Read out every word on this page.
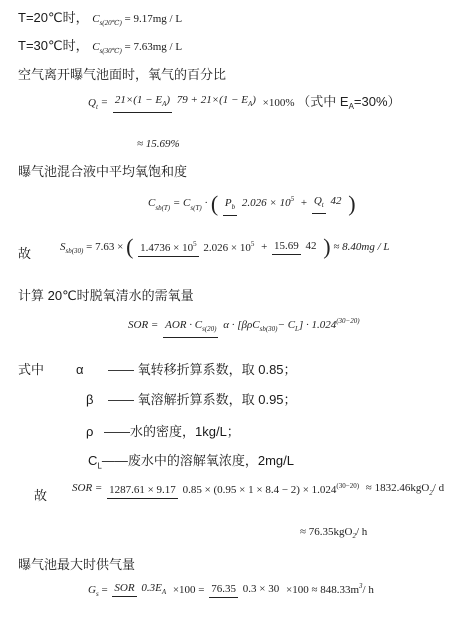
T=20℃时， $C_{s(20℃)} = 9.17mg / L$
T=30℃时， $C_{s(30℃)} = 7.63mg / L$
空气离开曝气池面时，氧气的百分比
Qt = 21×(1 − EA) 79 + 21×(1 − EA) ×100% （式中 EA=30%）
≈ 15.69%
曝气池混合液中平均氧饱和度
Csb(T) = Cs(T) · ( Pb 2.026 × 105 + Qt 42 )
故	Ssb(30) = 7.63 × ( 1.4736 × 105 2.026 × 105 + 15.69 42 ) ≈ 8.40mg / L
计算 20℃时脱氧清水的需氧量
SOR = AOR · Cs(20) α · [βρCsb(30)− CL] · 1.024(30−20)
式中 α —— 氧转移折算系数，取 0.85；
β —— 氧溶解折算系数，取 0.95；
ρ ——水的密度，1kg/L；
$C_L——$废水中的溶解氧浓度，2mg/L
故 SOR = 1287.61 × 9.17 0.85 × (0.95 × 1 × 8.4 − 2) × 1.024(30−20) ≈ 1832.46kgO2/ d
≈ 76.35kgO2/ h
曝气池最大时供气量
Gs = SOR 0.3EA ×100 = 76.35 0.3 × 30 ×100 ≈ 848.33m3/ h
